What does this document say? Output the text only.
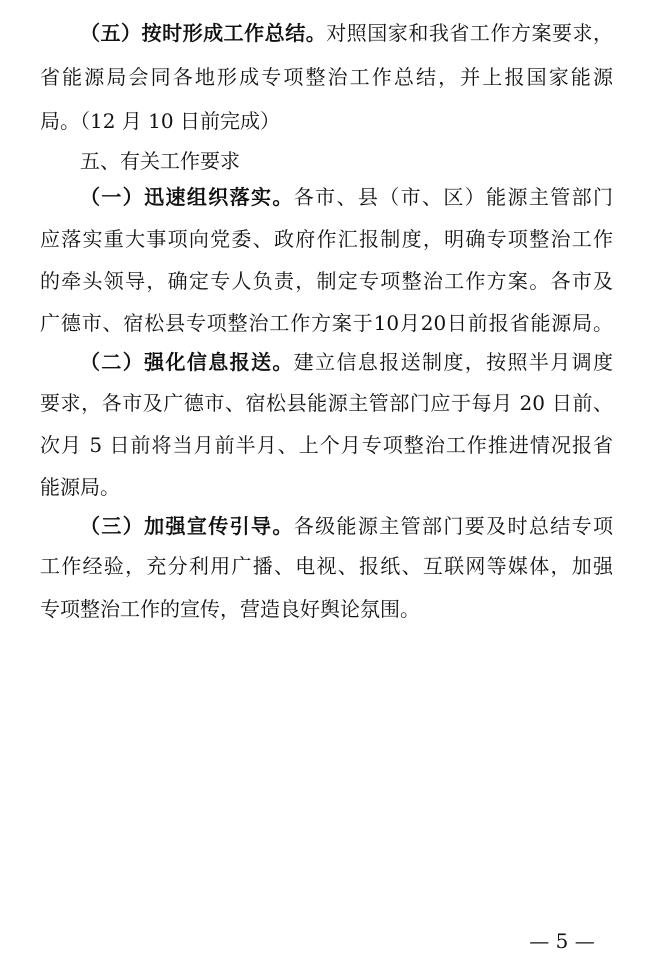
（五）按时形成工作总结。对照国家和我省工作方案要求，
省能源局会同各地形成专项整治工作总结，并上报国家能源
局。（12 月 10 日前完成）
五、有关工作要求
（一）迅速组织落实。各市、县（市、区）能源主管部门
应落实重大事项向党委、政府作汇报制度，明确专项整治工作
的牵头领导，确定专人负责，制定专项整治工作方案。各市及
广德市、宿松县专项整治工作方案于10月20日前报省能源局。
（二）强化信息报送。建立信息报送制度，按照半月调度
要求，各市及广德市、宿松县能源主管部门应于每月 20 日前、
次月 5 日前将当月前半月、上个月专项整治工作推进情况报省
能源局。
（三）加强宣传引导。各级能源主管部门要及时总结专项
工作经验，充分利用广播、电视、报纸、互联网等媒体，加强
专项整治工作的宣传，营造良好舆论氛围。
— 5 —
